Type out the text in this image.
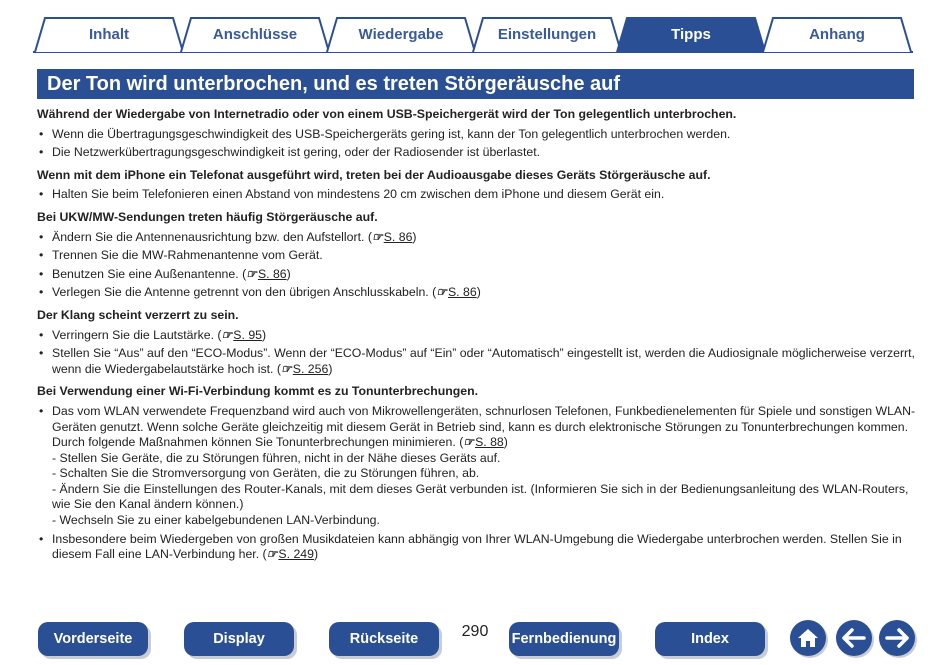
Inhalt	Anschlüsse	Wiedergabe	Einstellungen	Tipps	Anhang
Der Ton wird unterbrochen, und es treten Störgeräusche auf
Während der Wiedergabe von Internetradio oder von einem USB-Speichergerät wird der Ton gelegentlich unterbrochen.
• Wenn die Übertragungsgeschwindigkeit des USB-Speichergeräts gering ist, kann der Ton gelegentlich unterbrochen werden.
• Die Netzwerkübertragungsgeschwindigkeit ist gering, oder der Radiosender ist überlastet.
Wenn mit dem iPhone ein Telefonat ausgeführt wird, treten bei der Audioausgabe dieses Geräts Störgeräusche auf.
• Halten Sie beim Telefonieren einen Abstand von mindestens 20 cm zwischen dem iPhone und diesem Gerät ein.
Bei UKW/MW-Sendungen treten häufig Störgeräusche auf.
• Ändern Sie die Antennenausrichtung bzw. den Aufstellort. (☞S. 86)
• Trennen Sie die MW-Rahmenantenne vom Gerät.
• Benutzen Sie eine Außenantenne. (☞S. 86)
• Verlegen Sie die Antenne getrennt von den übrigen Anschlusskabeln. (☞S. 86)
Der Klang scheint verzerrt zu sein.
• Verringern Sie die Lautstärke. (☞S. 95)
• Stellen Sie “Aus” auf den “ECO-Modus”. Wenn der “ECO-Modus” auf “Ein” oder “Automatisch” eingestellt ist, werden die Audiosignale möglicherweise verzerrt, wenn die Wiedergabelautstärke hoch ist. (☞S. 256)
Bei Verwendung einer Wi-Fi-Verbindung kommt es zu Tonunterbrechungen.
• Das vom WLAN verwendete Frequenzband wird auch von Mikrowellengeräten, schnurlosen Telefonen, Funkbedienelementen für Spiele und sonstigen WLAN-Geräten genutzt. Wenn solche Geräte gleichzeitig mit diesem Gerät in Betrieb sind, kann es durch elektronische Störungen zu Tonunterbrechungen kommen. Durch folgende Maßnahmen können Sie Tonunterbrechungen minimieren. (☞S. 88)
- Stellen Sie Geräte, die zu Störungen führen, nicht in der Nähe dieses Geräts auf.
- Schalten Sie die Stromversorgung von Geräten, die zu Störungen führen, ab.
- Ändern Sie die Einstellungen des Router-Kanals, mit dem dieses Gerät verbunden ist. (Informieren Sie sich in der Bedienungsanleitung des WLAN-Routers, wie Sie den Kanal ändern können.)
- Wechseln Sie zu einer kabelgebundenen LAN-Verbindung.
• Insbesondere beim Wiedergeben von großen Musikdateien kann abhängig von Ihrer WLAN-Umgebung die Wiedergabe unterbrochen werden. Stellen Sie in diesem Fall eine LAN-Verbindung her. (☞S. 249)
Vorderseite	Display	Rückseite	290	Fernbedienung	Index
